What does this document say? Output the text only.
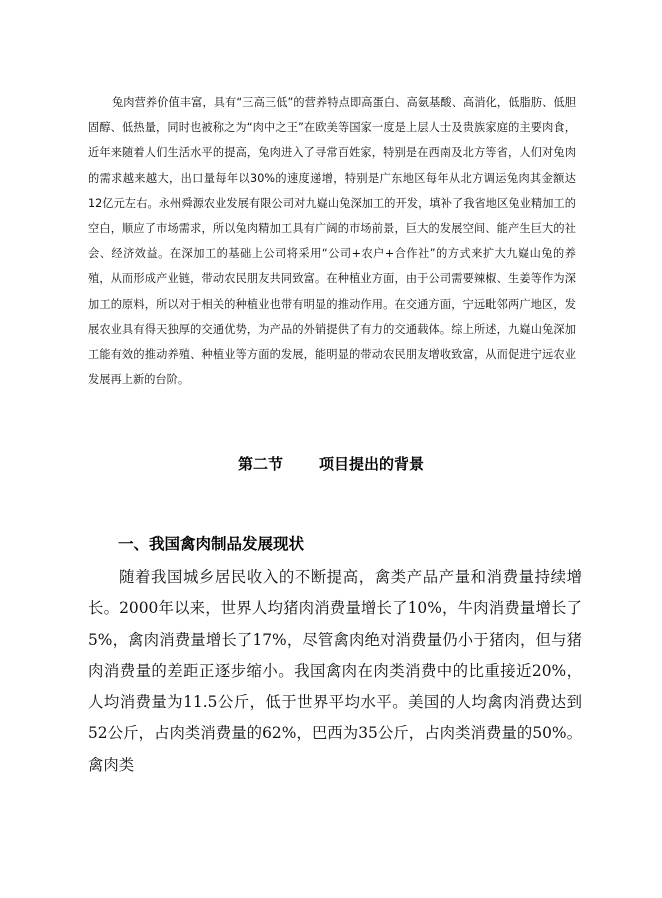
兔肉营养价值丰富，具有“三高三低”的营养特点即高蛋白、高氨基酸、高消化，低脂肪、低胆固醇、低热量，同时也被称之为“肉中之王”在欧美等国家一度是上层人士及贵族家庭的主要肉食，近年来随着人们生活水平的提高，兔肉进入了寻常百姓家，特别是在西南及北方等省，人们对兔肉的需求越来越大，出口量每年以30%的速度递增，特别是广东地区每年从北方调运兔肉其金额达12亿元左右。永州舜源农业发展有限公司对九嶷山兔深加工的开发，填补了我省地区兔业精加工的空白，顺应了市场需求，所以兔肉精加工具有广阔的市场前景，巨大的发展空间、能产生巨大的社会、经济效益。在深加工的基础上公司将采用“公司+农户+合作社”的方式来扩大九嶷山兔的养殖，从而形成产业链，带动农民朋友共同致富。在种植业方面，由于公司需要辣椒、生姜等作为深加工的原料，所以对于相关的种植业也带有明显的推动作用。在交通方面，宁远毗邻两广地区，发展农业具有得天独厚的交通优势，为产品的外销提供了有力的交通载体。综上所述，九嶷山兔深加工能有效的推动养殖、种植业等方面的发展，能明显的带动农民朋友增收致富，从而促进宁远农业发展再上新的台阶。

第二节 项目提出的背景
一、我国禽肉制品发展现状

随着我国城乡居民收入的不断提高，禽类产品产量和消费量持续增长。2000年以来，世界人均猪肉消费量增长了10%，牛肉消费量增长了5%，禽肉消费量增长了17%，尽管禽肉绝对消费量仍小于猪肉，但与猪肉消费量的差距正逐步缩小。我国禽肉在肉类消费中的比重接近20%，人均消费量为11.5公斤，低于世界平均水平。美国的人均禽肉消费达到52公斤，占肉类消费量的62%，巴西为35公斤，占肉类消费量的50%。禽肉类
